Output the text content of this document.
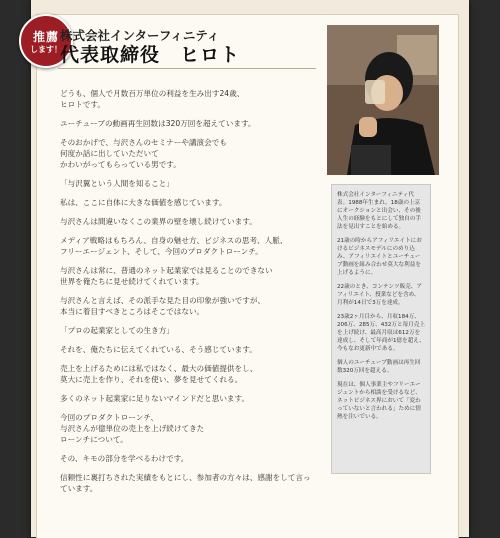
推薦
します！
株式会社インターフィニティ
代表取締役　ヒロト

どうも、個人で月数百万単位の利益を生み出す24歳、

ヒロトです。

ユーチューブの動画再生回数は320万回を超えています。

そのおかげで、与沢さんのセミナーや講演会でも

何度か話に出していただいて

かわいがってもらっている男です。

「与沢翼という人間を知ること」

私は、ここに自体に大きな価値を感じています。

与沢さんは間違いなくこの業界の壁を壊し続けています。

メディア戦略はもちろん、自身の魅せ方、ビジネスの思考、人脈、

フリーエージェント、そして、今回のプロダクトローンチ。

与沢さんは常に、普通のネット起業家では見ることのできない

世界を俺たちに見せ続けてくれています。

与沢さんと言えば、その派手な見た目の印象が強いですが、

本当に着目すべきところはそこではない。

「プロの起業家としての生き方」

それを、俺たちに伝えてくれている、そう感じています。

売上を上げるためには私ではなく、最大の価値提供をし、

莫大に売上を作り、それを使い、夢を見せてくれる。

多くのネット起業家に足りないマインドだと思います。

今回のプロダクトローンチ、

与沢さんが億単位の売上を上げ続けてきた

ローンチについて。

その、キモの部分を学べるわけです。

信頼性に裏打ちされた実績をもとにし、参加者の方々は、感謝をして言っています。

株式会社インターフィニティ代表。1988年生まれ。18歳の上京にオークションと出会い、その後人生の経験をもとにして独自の手法を見出すことを始める。

21歳の時からアフィリエイトにおけるビジネスモデルにのめり込み、アフィリエイトとユーチューブ動画を組み合わせ莫大な利益を上げるように。

22歳のとき、コンテンツ販売、アフィリエイト、授業などを含め、月利が14日で3万を達成。

23歳2ヶ月目から、月収184万、206万、285万、432万と毎月売上を上げ続け、最高月収は612万を達成し、そして年商が1億を超え、今もなお更新中である。

個人のユーチューブ動画は再生回数320万回を超える。

現在は、個人事業主やフリーエージェントから相談を受けるなど、ネットビジネス界において「変わっていないと言われる」ために情熱を注いでいる。
